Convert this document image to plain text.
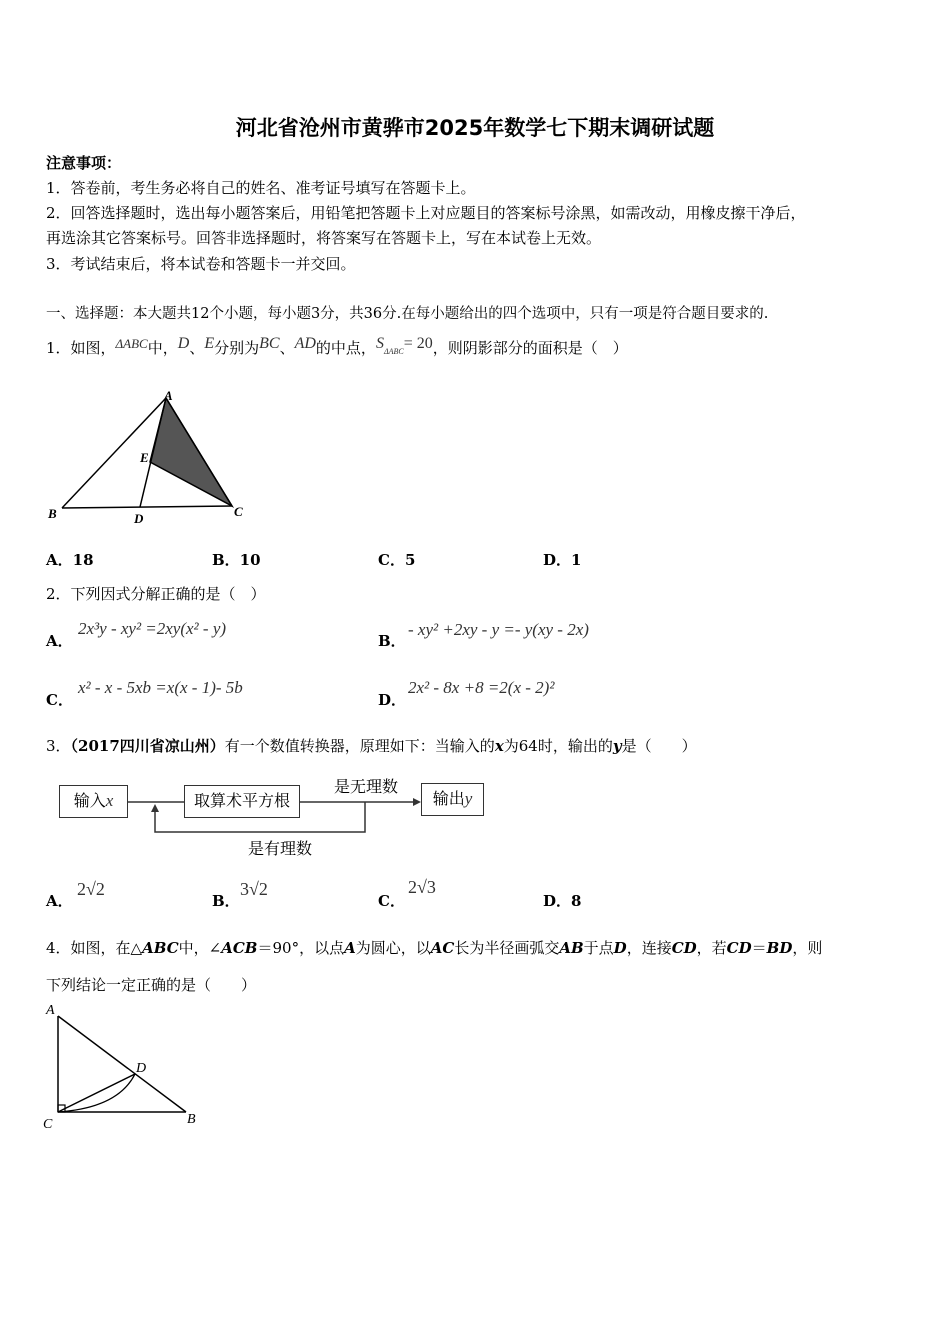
河北省沧州市黄骅市2025年数学七下期末调研试题
注意事项：
1．答卷前，考生务必将自己的姓名、准考证号填写在答题卡上。
2．回答选择题时，选出每小题答案后，用铅笔把答题卡上对应题目的答案标号涂黑，如需改动，用橡皮擦干净后，
再选涂其它答案标号。回答非选择题时，将答案写在答题卡上，写在本试卷上无效。
3．考试结束后，将本试卷和答题卡一并交回。
一、选择题：本大题共12个小题，每小题3分，共36分.在每小题给出的四个选项中，只有一项是符合题目要求的.
1．如图，ΔABC中，D、E分别为BC、AD的中点，$S_{\Delta ABC}= 20$，则阴影部分的面积是（　）
A
E
B	D	C
A．18	B．10	C．5	D．1
2．下列因式分解正确的是（　）
A．
2x³y - xy² =2xy(x² - y)
B．
- xy² +2xy - y =- y(xy - 2x)
C．
x² - x - 5xb =x(x - 1)- 5b
D．
2x² - 8x +8 =2(x - 2)²
3．（2017四川省凉山州）有一个数值转换器，原理如下：当输入的x为64时，输出的y是（　　）
输入x	取算术平方根	输出y
是无理数
是有理数
A．
2√2
B．
3√2
C．
2√3
D．8
4．如图，在△ABC中，∠ACB＝90°，以点A为圆心，以AC长为半径画弧交AB于点D，连接CD，若CD＝BD，则
下列结论一定正确的是（　　）
A
D
C	B
